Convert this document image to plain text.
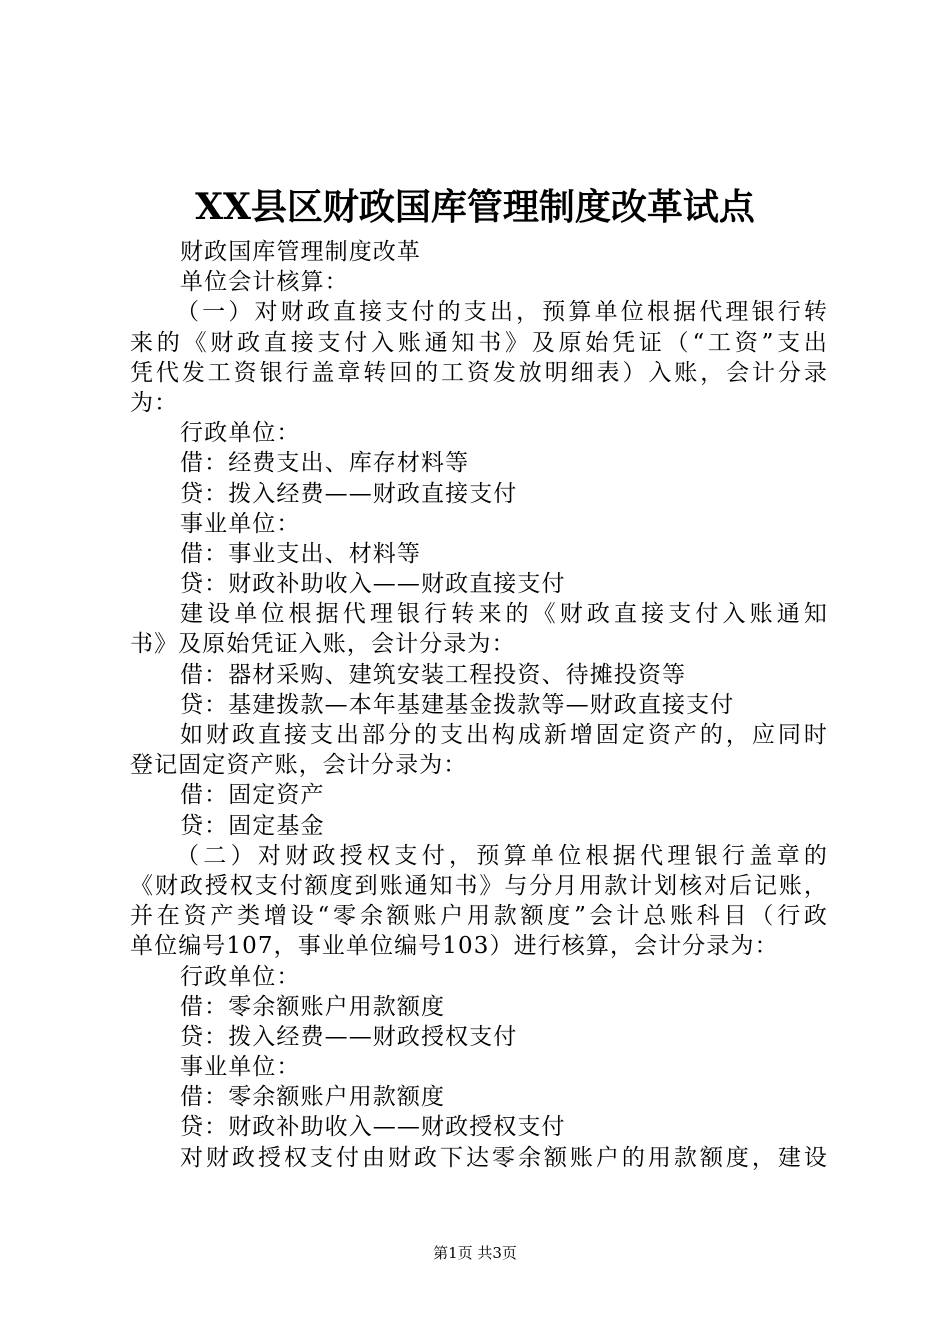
XX县区财政国库管理制度改革试点
财政国库管理制度改革
单位会计核算：
（一）对财政直接支付的支出，预算单位根据代理银行转
来的《财政直接支付入账通知书》及原始凭证（“工资”支出
凭代发工资银行盖章转回的工资发放明细表）入账，会计分录
为：
行政单位：
借：经费支出、库存材料等
贷：拨入经费——财政直接支付
事业单位：
借：事业支出、材料等
贷：财政补助收入——财政直接支付
建设单位根据代理银行转来的《财政直接支付入账通知
书》及原始凭证入账，会计分录为：
借：器材采购、建筑安装工程投资、待摊投资等
贷：基建拨款—本年基建基金拨款等—财政直接支付
如财政直接支出部分的支出构成新增固定资产的，应同时
登记固定资产账，会计分录为：
借：固定资产
贷：固定基金
（二）对财政授权支付，预算单位根据代理银行盖章的
《财政授权支付额度到账通知书》与分月用款计划核对后记账，
并在资产类增设“零余额账户用款额度”会计总账科目（行政
单位编号107，事业单位编号103）进行核算，会计分录为：
行政单位：
借：零余额账户用款额度
贷：拨入经费——财政授权支付
事业单位：
借：零余额账户用款额度
贷：财政补助收入——财政授权支付
对财政授权支付由财政下达零余额账户的用款额度，建设
第1页 共3页
